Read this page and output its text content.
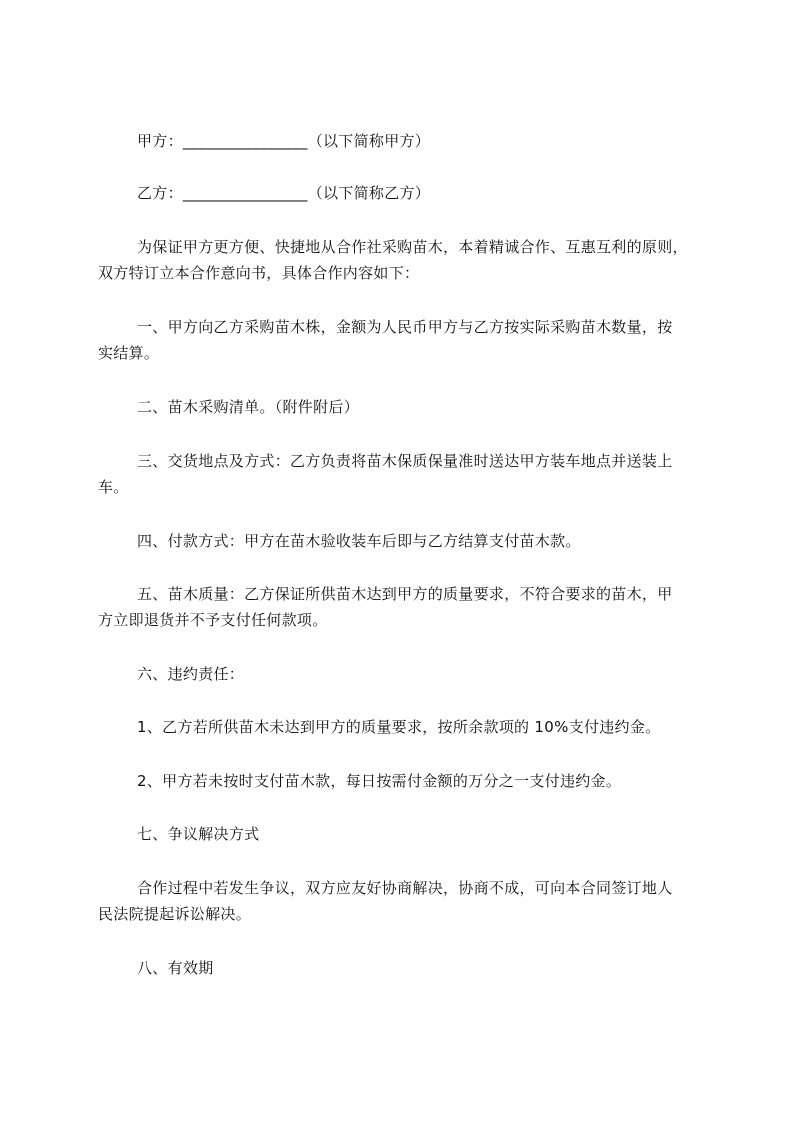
甲方：________________（以下简称甲方）
乙方：________________（以下简称乙方）
为保证甲方更方便、快捷地从合作社采购苗木，本着精诚合作、互惠互利的原则，
双方特订立本合作意向书，具体合作内容如下：
一、甲方向乙方采购苗木株，金额为人民币甲方与乙方按实际采购苗木数量，按
实结算。
二、苗木采购清单。（附件附后）
三、交货地点及方式：乙方负责将苗木保质保量准时送达甲方装车地点并送装上
车。
四、付款方式：甲方在苗木验收装车后即与乙方结算支付苗木款。
五、苗木质量：乙方保证所供苗木达到甲方的质量要求，不符合要求的苗木，甲
方立即退货并不予支付任何款项。
六、违约责任：
1、乙方若所供苗木未达到甲方的质量要求，按所余款项的 10%支付违约金。
2、甲方若未按时支付苗木款，每日按需付金额的万分之一支付违约金。
七、争议解决方式
合作过程中若发生争议，双方应友好协商解决，协商不成，可向本合同签订地人
民法院提起诉讼解决。
八、有效期
